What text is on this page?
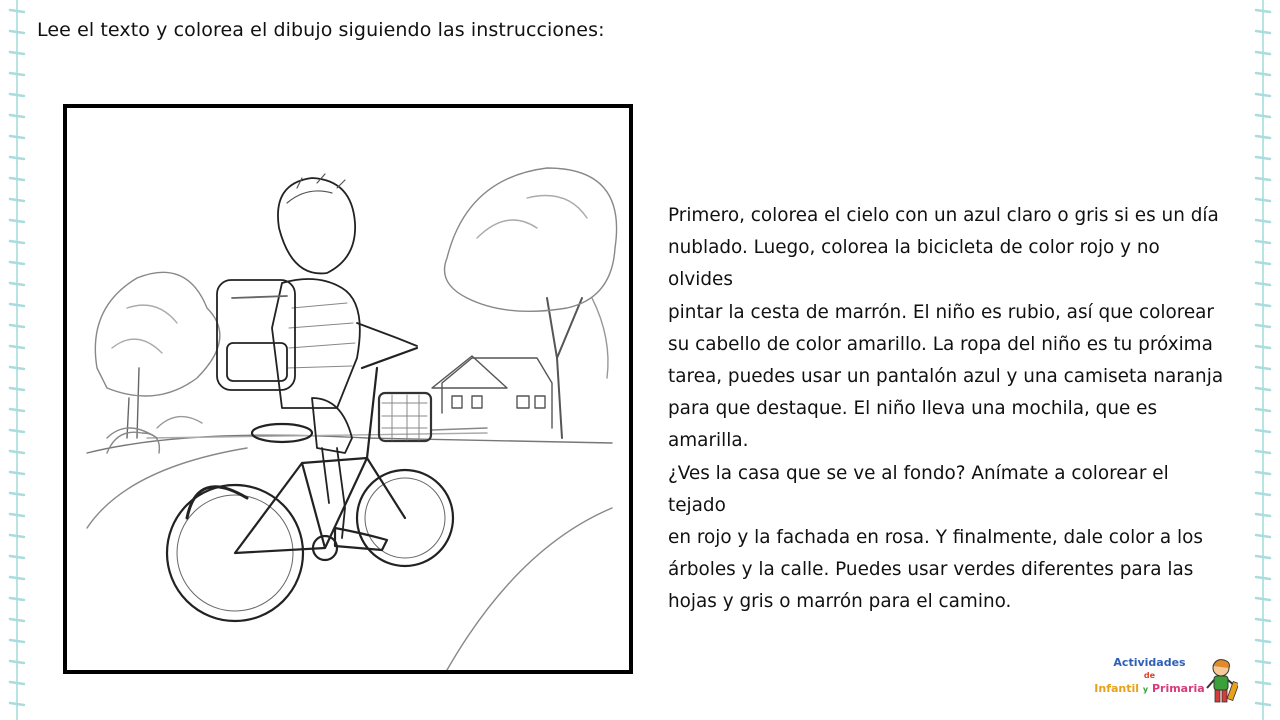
Lee el texto y colorea el dibujo siguiendo las instrucciones:
Primero, colorea el cielo con un azul claro o gris si es un día
nublado. Luego, colorea la bicicleta de color rojo y no olvides
pintar la cesta de marrón. El niño es rubio, así que colorear
su cabello de color amarillo. La ropa del niño es tu próxima
tarea, puedes usar un pantalón azul y una camiseta naranja
para que destaque. El niño lleva una mochila, que es amarilla.
¿Ves la casa que se ve al fondo? Anímate a colorear el tejado
en rojo y la fachada en rosa. Y finalmente, dale color a los
árboles y la calle. Puedes usar verdes diferentes para las
hojas y gris o marrón para el camino.
Actividades
de
Infantil y Primaria
